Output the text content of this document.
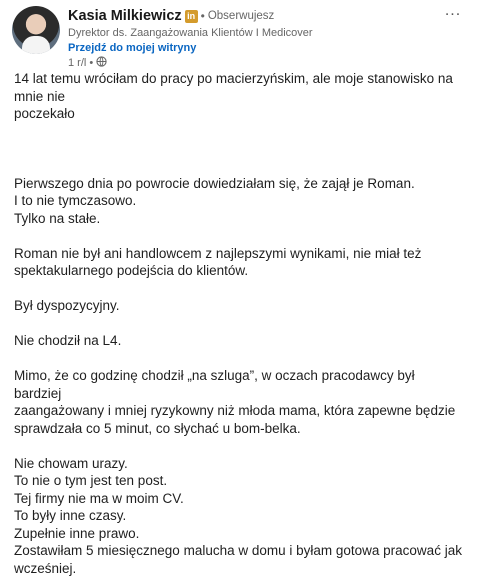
Kasia Milkiewicz in • Obserwujesz
Dyrektor ds. Zaangażowania Klientów I Medicover
Przejdź do mojej witryny
1 r/l •
...

14 lat temu wróciłam do pracy po macierzyńskim, ale moje stanowisko na mnie nie
poczekało

Pierwszego dnia po powrocie dowiedziałam się, że zajął je Roman.
I to nie tymczasowo.
Tylko na stałe.

Roman nie był ani handlowcem z najlepszymi wynikami, nie miał też
spektakularnego podejścia do klientów.

Był dyspozycyjny.

Nie chodził na L4.

Mimo, że co godzinę chodził „na szluga”, w oczach pracodawcy był bardziej
zaangażowany i mniej ryzykowny niż młoda mama, która zapewne będzie
sprawdzała co 5 minut, co słychać u bom-belka.

Nie chowam urazy.
To nie o tym jest ten post.
Tej firmy nie ma w moim CV.
To były inne czasy.
Zupełnie inne prawo.
Zostawiłam 5 miesięcznego malucha w domu i byłam gotowa pracować jak
wcześniej.
